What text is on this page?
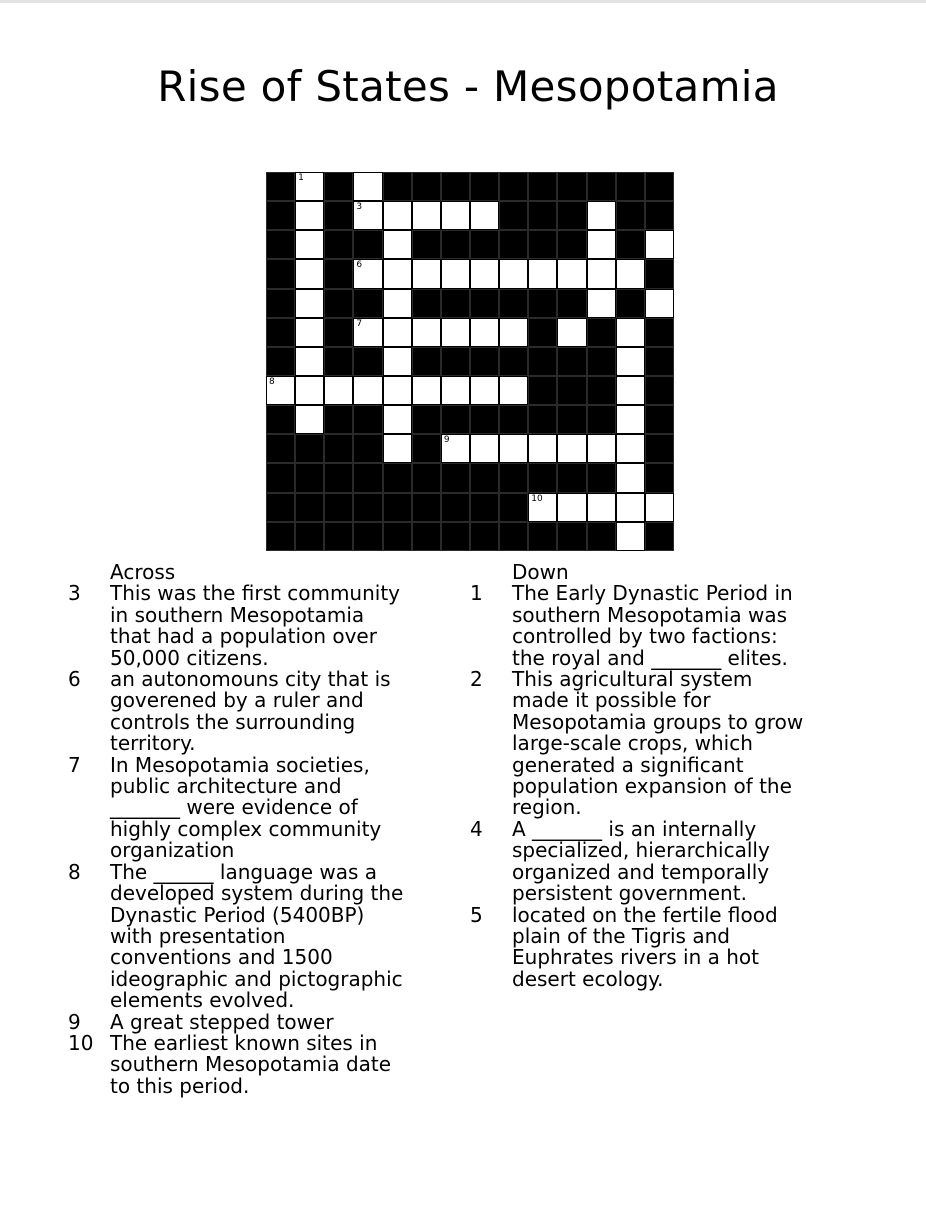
Rise of States - Mesopotamia
1	2
3	4
5
6
7
8
9
10
Across
3	This was the first community in southern Mesopotamia that had a population over 50,000 citizens.
6	an autonomouns city that is goverened by a ruler and controls the surrounding territory.
7	In Mesopotamia societies, public architecture and _______ were evidence of highly complex community organization
8	The ______ language was a developed system during the Dynastic Period (5400BP) with presentation conventions and 1500 ideographic and pictographic elements evolved.
9	A great stepped tower
10 The earliest known sites in southern Mesopotamia date to this period.
Down
1	The Early Dynastic Period in southern Mesopotamia was controlled by two factions: the royal and _______ elites.
2	This agricultural system made it possible for Mesopotamia groups to grow large-scale crops, which generated a significant population expansion of the region.
4	A _______ is an internally specialized, hierarchically organized and temporally persistent government.
5	located on the fertile flood plain of the Tigris and Euphrates rivers in a hot desert ecology.
